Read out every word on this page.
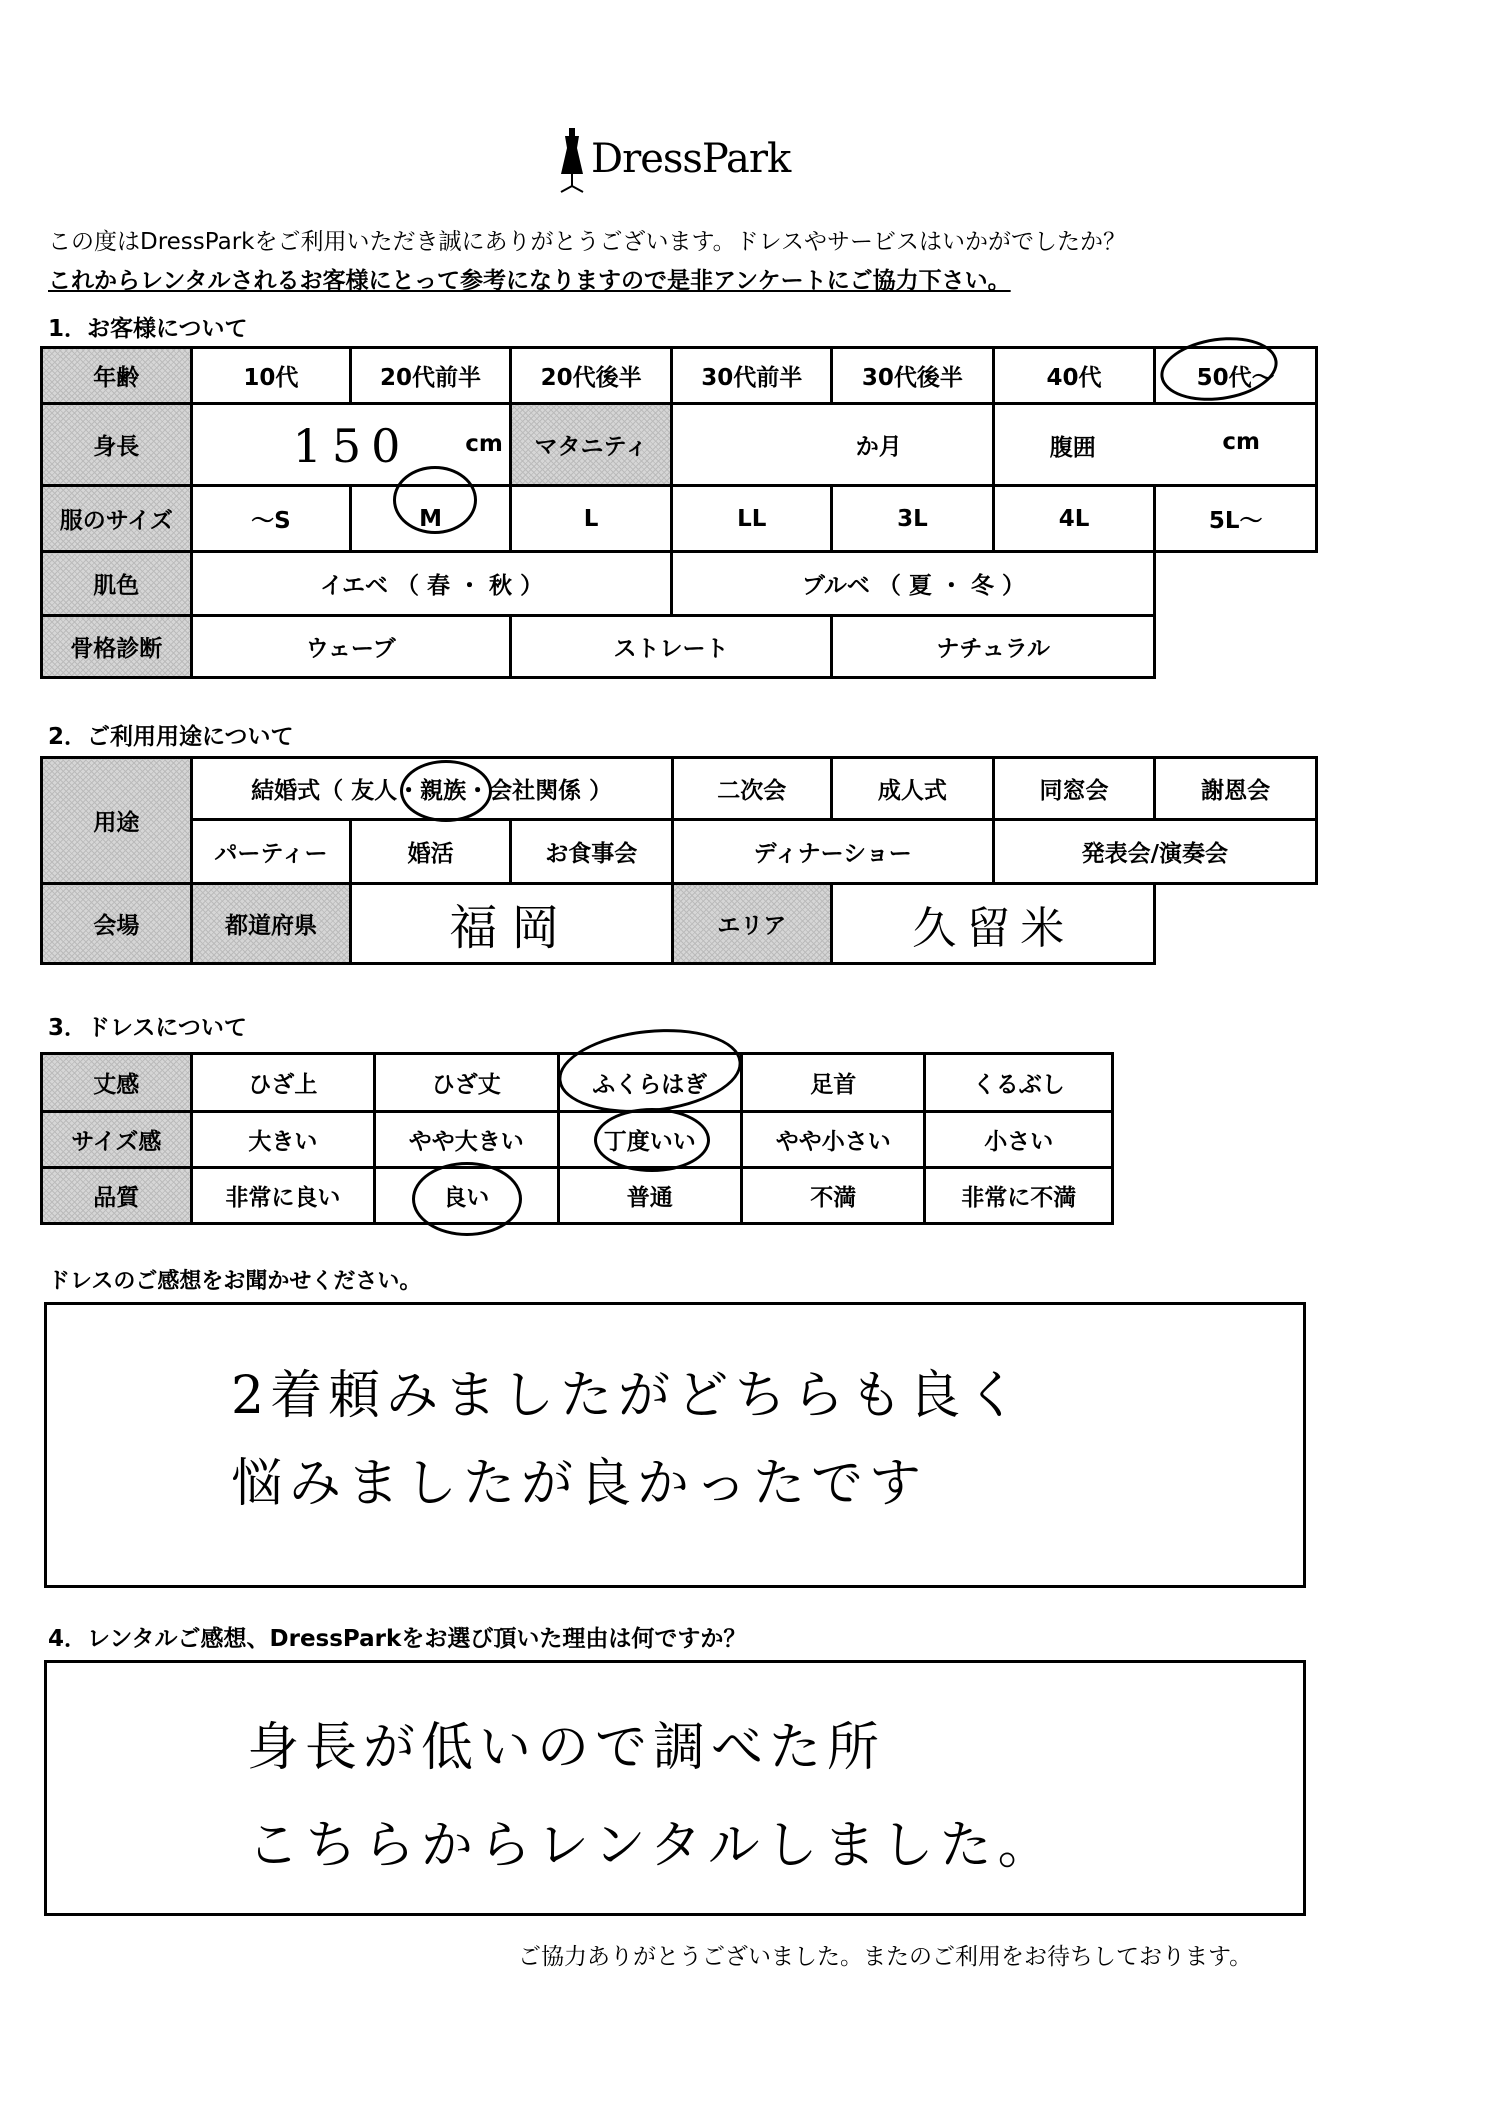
DressPark
この度はDressParkをご利用いただき誠にありがとうございます。ドレスやサービスはいかがでしたか？
これからレンタルされるお客様にとって参考になりますので是非アンケートにご協力下さい。
1．お客様について
年齢	10代	20代前半	20代後半	30代前半	30代後半	40代	50代～
身長	150 cm		マタニティ	か月		腹囲 cm	

服のサイズ	～S	M	L	LL	3L	4L	5L～
肌色	イエベ （ 春 ・ 秋 ）			ブルベ （ 夏 ・ 冬 ）			
骨格診断	ウェーブ		ストレート		ナチュラル		
2．ご利用用途について
用途	結婚式（ 友人・親族・会社関係 ）			二次会	成人式	同窓会	謝恩会
	パーティー	婚活	お食事会	ディナーショー		発表会/演奏会	
会場	都道府県	福岡		エリア	久留米		
3．ドレスについて
丈感	ひざ上	ひざ丈	ふくらはぎ	足首	くるぶし
サイズ感	大きい	やや大きい	丁度いい	やや小さい	小さい
品質	非常に良い	良い	普通	不満	非常に不満
ドレスのご感想をお聞かせください。
2着頼みましたがどちらも良く
悩みましたが良かったです
4．レンタルご感想、DressParkをお選び頂いた理由は何ですか？
身長が低いので調べた所
こちらからレンタルしました。
ご協力ありがとうございました。またのご利用をお待ちしております。
